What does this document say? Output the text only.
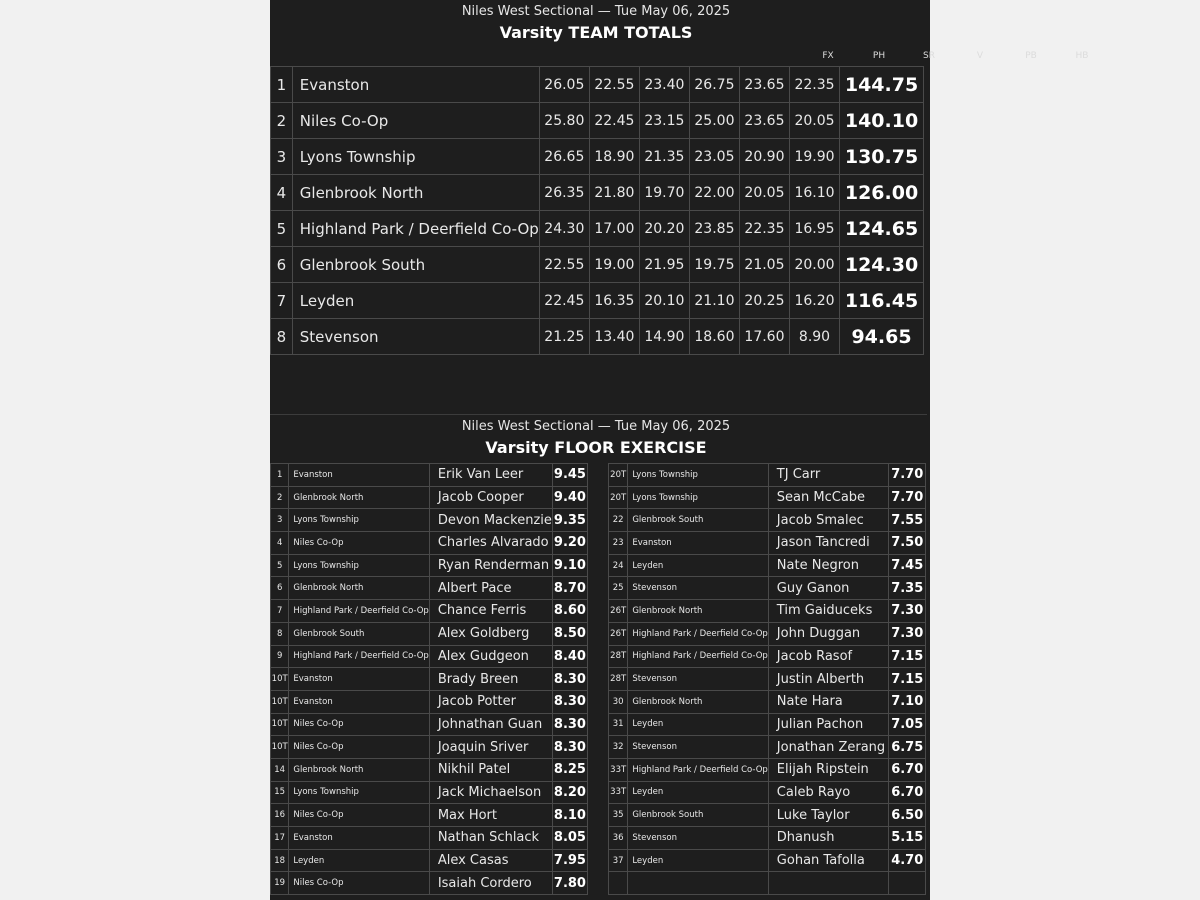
Niles West Sectional — Tue May 06, 2025
Varsity TEAM TOTALS
1	Evanston	26.05	22.55	23.40	26.75	23.65	22.35	144.75
2	Niles Co-Op	25.80	22.45	23.15	25.00	23.65	20.05	140.10
3	Lyons Township	26.65	18.90	21.35	23.05	20.90	19.90	130.75
4	Glenbrook North	26.35	21.80	19.70	22.00	20.05	16.10	126.00
5	Highland Park / Deerfield Co-Op	24.30	17.00	20.20	23.85	22.35	16.95	124.65
6	Glenbrook South	22.55	19.00	21.95	19.75	21.05	20.00	124.30
7	Leyden	22.45	16.35	20.10	21.10	20.25	16.20	116.45
8	Stevenson	21.25	13.40	14.90	18.60	17.60	8.90	94.65
Niles West Sectional — Tue May 06, 2025
Varsity FLOOR EXERCISE
1	Evanston	Erik Van Leer	9.45
2	Glenbrook North	Jacob Cooper	9.40
3	Lyons Township	Devon Mackenzie	9.35
4	Niles Co-Op	Charles Alvarado	9.20
5	Lyons Township	Ryan Renderman	9.10
6	Glenbrook North	Albert Pace	8.70
7	Highland Park / Deerfield Co-Op	Chance Ferris	8.60
8	Glenbrook South	Alex Goldberg	8.50
9	Highland Park / Deerfield Co-Op	Alex Gudgeon	8.40
10T	Evanston	Brady Breen	8.30
10T	Evanston	Jacob Potter	8.30
10T	Niles Co-Op	Johnathan Guan	8.30
10T	Niles Co-Op	Joaquin Sriver	8.30
14	Glenbrook North	Nikhil Patel	8.25
15	Lyons Township	Jack Michaelson	8.20
16	Niles Co-Op	Max Hort	8.10
17	Evanston	Nathan Schlack	8.05
18	Leyden	Alex Casas	7.95
19	Niles Co-Op	Isaiah Cordero	7.80
20T	Lyons Township	TJ Carr	7.70
20T	Lyons Township	Sean McCabe	7.70
22	Glenbrook South	Jacob Smalec	7.55
23	Evanston	Jason Tancredi	7.50
24	Leyden	Nate Negron	7.45
25	Stevenson	Guy Ganon	7.35
26T	Glenbrook North	Tim Gaiduceks	7.30
26T	Highland Park / Deerfield Co-Op	John Duggan	7.30
28T	Highland Park / Deerfield Co-Op	Jacob Rasof	7.15
28T	Stevenson	Justin Alberth	7.15
30	Glenbrook North	Nate Hara	7.10
31	Leyden	Julian Pachon	7.05
32	Stevenson	Jonathan Zerang	6.75
33T	Highland Park / Deerfield Co-Op	Elijah Ripstein	6.70
33T	Leyden	Caleb Rayo	6.70
35	Glenbrook South	Luke Taylor	6.50
36	Stevenson	Dhanush	5.15
37	Leyden	Gohan Tafolla	4.70

FX	PH	SR	V	PB	HB
